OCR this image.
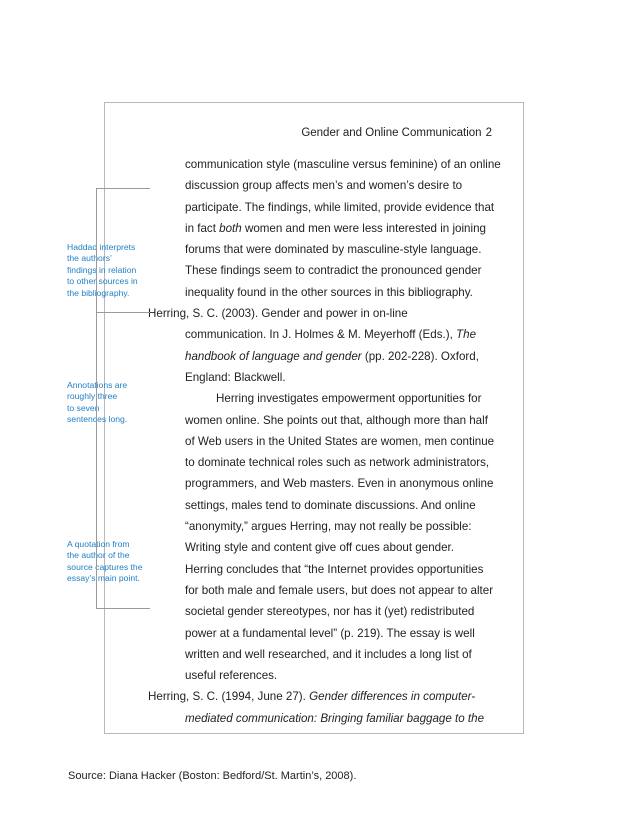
Gender and Online Communication 2
communication style (masculine versus feminine) of an online
discussion group affects men’s and women’s desire to
participate. The findings, while limited, provide evidence that
in fact both women and men were less interested in joining
forums that were dominated by masculine-style language.
These findings seem to contradict the pronounced gender
inequality found in the other sources in this bibliography.
Herring, S. C. (2003). Gender and power in on-line
communication. In J. Holmes & M. Meyerhoff (Eds.), The
handbook of language and gender (pp. 202-228). Oxford,
England: Blackwell.
Herring investigates empowerment opportunities for
women online. She points out that, although more than half
of Web users in the United States are women, men continue
to dominate technical roles such as network administrators,
programmers, and Web masters. Even in anonymous online
settings, males tend to dominate discussions. And online
“anonymity,” argues Herring, may not really be possible:
Writing style and content give off cues about gender.
Herring concludes that “the Internet provides opportunities
for both male and female users, but does not appear to alter
societal gender stereotypes, nor has it (yet) redistributed
power at a fundamental level” (p. 219). The essay is well
written and well researched, and it includes a long list of
useful references.
Herring, S. C. (1994, June 27). Gender differences in computer-
mediated communication: Bringing familiar baggage to the
Haddad interprets
the authors’
findings in relation
to other sources in
the bibliography.
Annotations are
roughly three
to seven
sentences long.
A quotation from
the author of the
source captures the
essay’s main point.
Source: Diana Hacker (Boston: Bedford/St. Martin’s, 2008).
